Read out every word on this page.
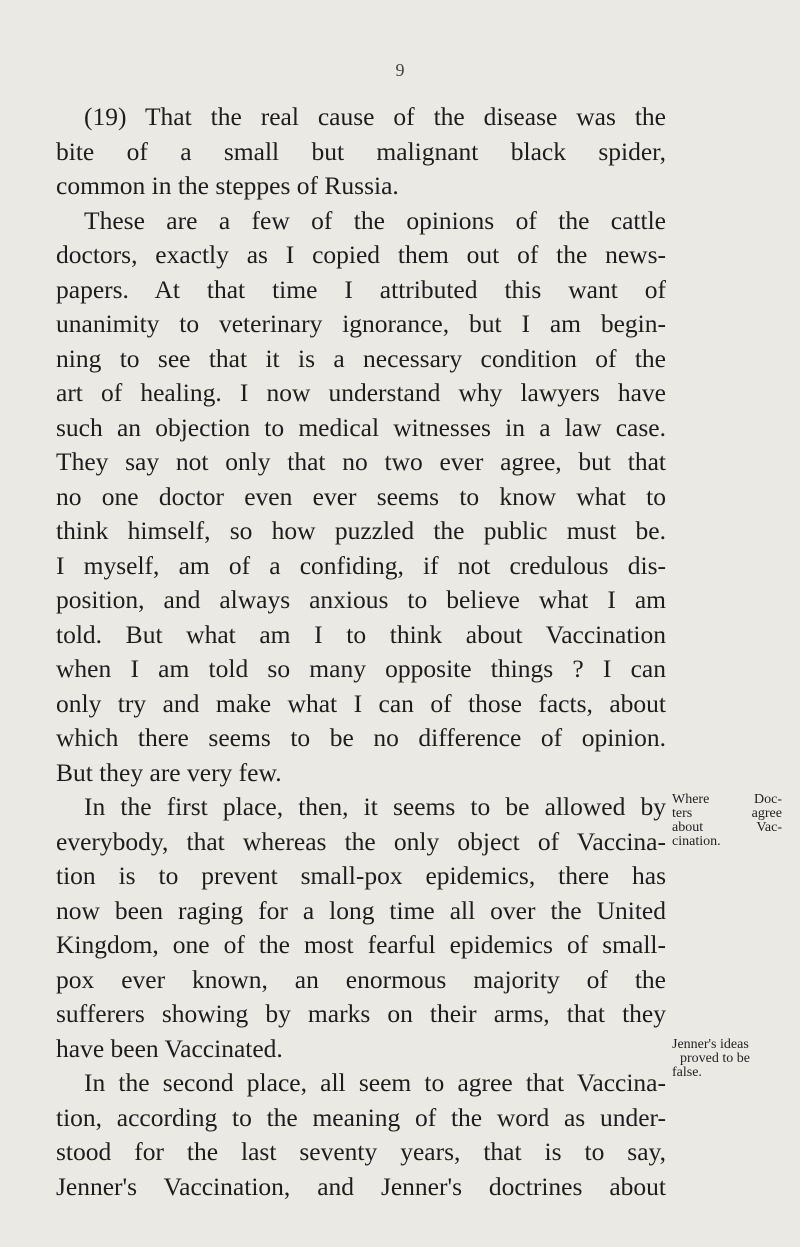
9
(19) That the real cause of the disease was the
bite of a small but malignant black spider,
common in the steppes of Russia.
These are a few of the opinions of the cattle
doctors, exactly as I copied them out of the news-
papers. At that time I attributed this want of
unanimity to veterinary ignorance, but I am begin-
ning to see that it is a necessary condition of the
art of healing. I now understand why lawyers have
such an objection to medical witnesses in a law case.
They say not only that no two ever agree, but that
no one doctor even ever seems to know what to
think himself, so how puzzled the public must be.
I myself, am of a confiding, if not credulous dis-
position, and always anxious to believe what I am
told. But what am I to think about Vaccination
when I am told so many opposite things ? I can
only try and make what I can of those facts, about
which there seems to be no difference of opinion.
But they are very few.
In the first place, then, it seems to be allowed by
everybody, that whereas the only object of Vaccina-
tion is to prevent small-pox epidemics, there has
now been raging for a long time all over the United
Kingdom, one of the most fearful epidemics of small-
pox ever known, an enormous majority of the
sufferers showing by marks on their arms, that they
have been Vaccinated.
In the second place, all seem to agree that Vaccina-
tion, according to the meaning of the word as under-
stood for the last seventy years, that is to say,
Jenner's Vaccination, and Jenner's doctrines about
Where Doc-
ters agree
about Vac-
cination.
Jenner's ideas
proved to be
false.
